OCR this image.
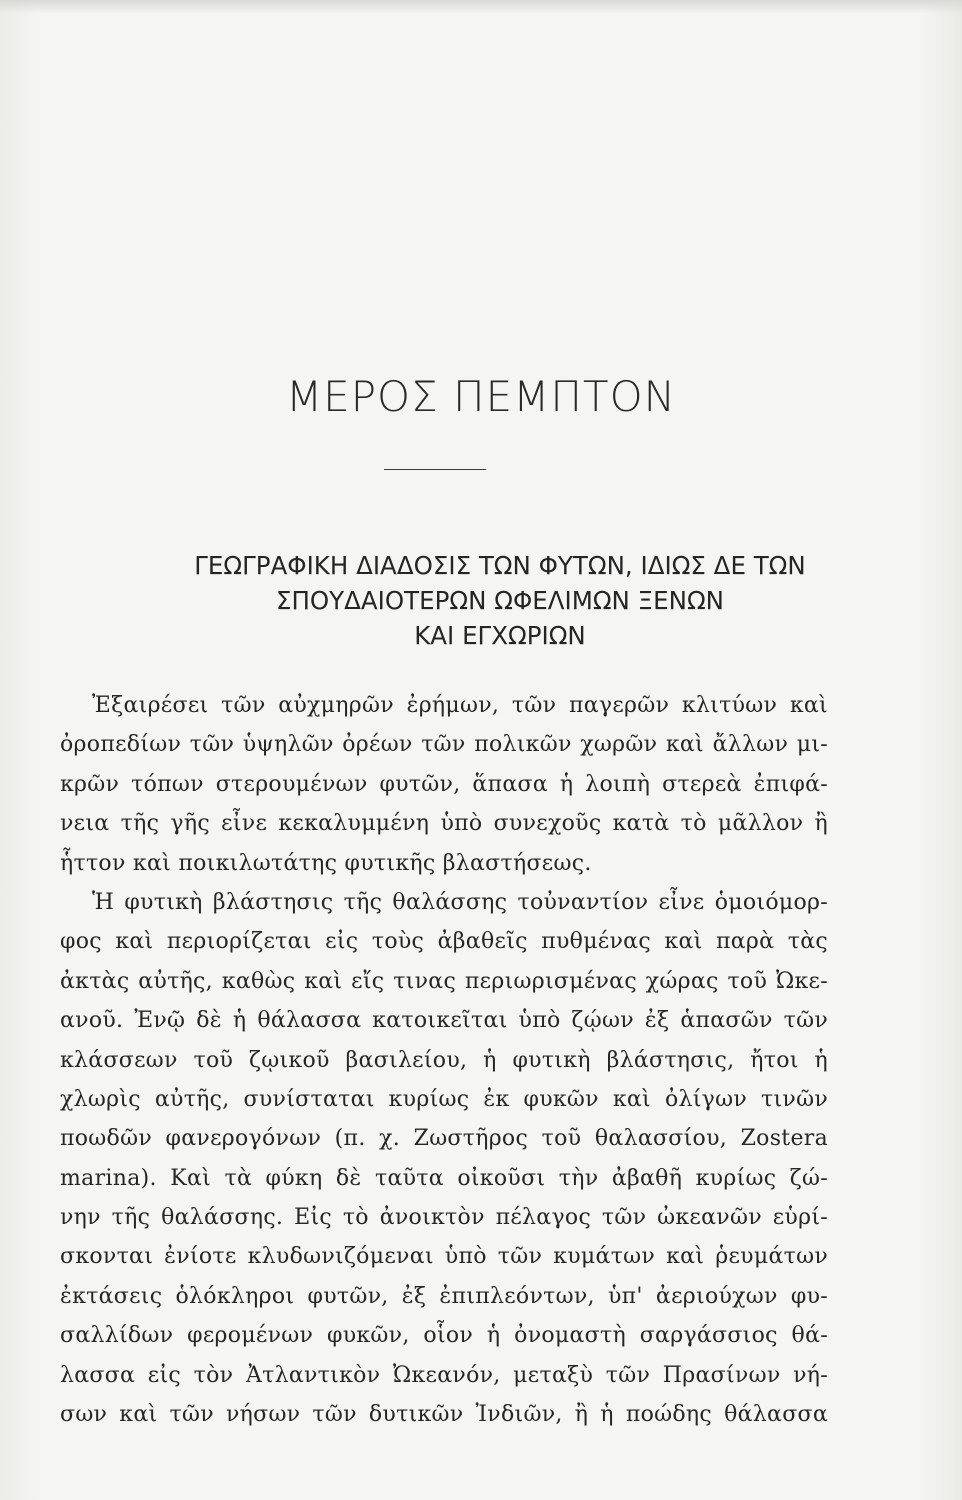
ΜΕΡΟΣ ΠΕΜΠΤΟΝ
ΓΕΩΓΡΑΦΙΚΗ ΔΙΑΔΟΣΙΣ ΤΩΝ ΦΥΤΩΝ, ΙΔΙΩΣ ΔΕ ΤΩΝ
ΣΠΟΥΔΑΙΟΤΕΡΩΝ ΩΦΕΛΙΜΩΝ ΞΕΝΩΝ
ΚΑΙ ΕΓΧΩΡΙΩΝ
Ἐξαιρέσει τῶν αὐχμηρῶν ἐρήμων, τῶν παγερῶν κλιτύων καὶ
ὀροπεδίων τῶν ὑψηλῶν ὀρέων τῶν πολικῶν χωρῶν καὶ ἄλλων μι-
κρῶν τόπων στερουμένων φυτῶν, ἅπασα ἡ λοιπὴ στερεὰ ἐπιφά-
νεια τῆς γῆς εἶνε κεκαλυμμένη ὑπὸ συνεχοῦς κατὰ τὸ μᾶλλον ἢ
ἧττον καὶ ποικιλωτάτης φυτικῆς βλαστήσεως.
Ἡ φυτικὴ βλάστησις τῆς θαλάσσης τοὐναντίον εἶνε ὁμοιόμορ-
φος καὶ περιορίζεται εἰς τοὺς ἀβαθεῖς πυθμένας καὶ παρὰ τὰς
ἀκτὰς αὐτῆς, καθὼς καὶ εἴς τινας περιωρισμένας χώρας τοῦ Ὠκε-
ανοῦ. Ἐνῷ δὲ ἡ θάλασσα κατοικεῖται ὑπὸ ζῴων ἐξ ἁπασῶν τῶν
κλάσσεων τοῦ ζῳικοῦ βασιλείου, ἡ φυτικὴ βλάστησις, ἤτοι ἡ
χλωρὶς αὐτῆς, συνίσταται κυρίως ἐκ φυκῶν καὶ ὀλίγων τινῶν
ποωδῶν φανερογόνων (π. χ. Ζωστῆρος τοῦ θαλασσίου, Zostera
marina). Καὶ τὰ φύκη δὲ ταῦτα οἰκοῦσι τὴν ἀβαθῆ κυρίως ζώ-
νην τῆς θαλάσσης. Εἰς τὸ ἀνοικτὸν πέλαγος τῶν ὠκεανῶν εὑρί-
σκονται ἐνίοτε κλυδωνιζόμεναι ὑπὸ τῶν κυμάτων καὶ ῥευμάτων
ἐκτάσεις ὁλόκληροι φυτῶν, ἐξ ἐπιπλεόντων, ὑπ' ἀεριούχων φυ-
σαλλίδων φερομένων φυκῶν, οἷον ἡ ὀνομαστὴ σαργάσσιος θά-
λασσα εἰς τὸν Ἀτλαντικὸν Ὠκεανόν, μεταξὺ τῶν Πρασίνων νή-
σων καὶ τῶν νήσων τῶν δυτικῶν Ἰνδιῶν, ἢ ἡ ποώδης θάλασσα
